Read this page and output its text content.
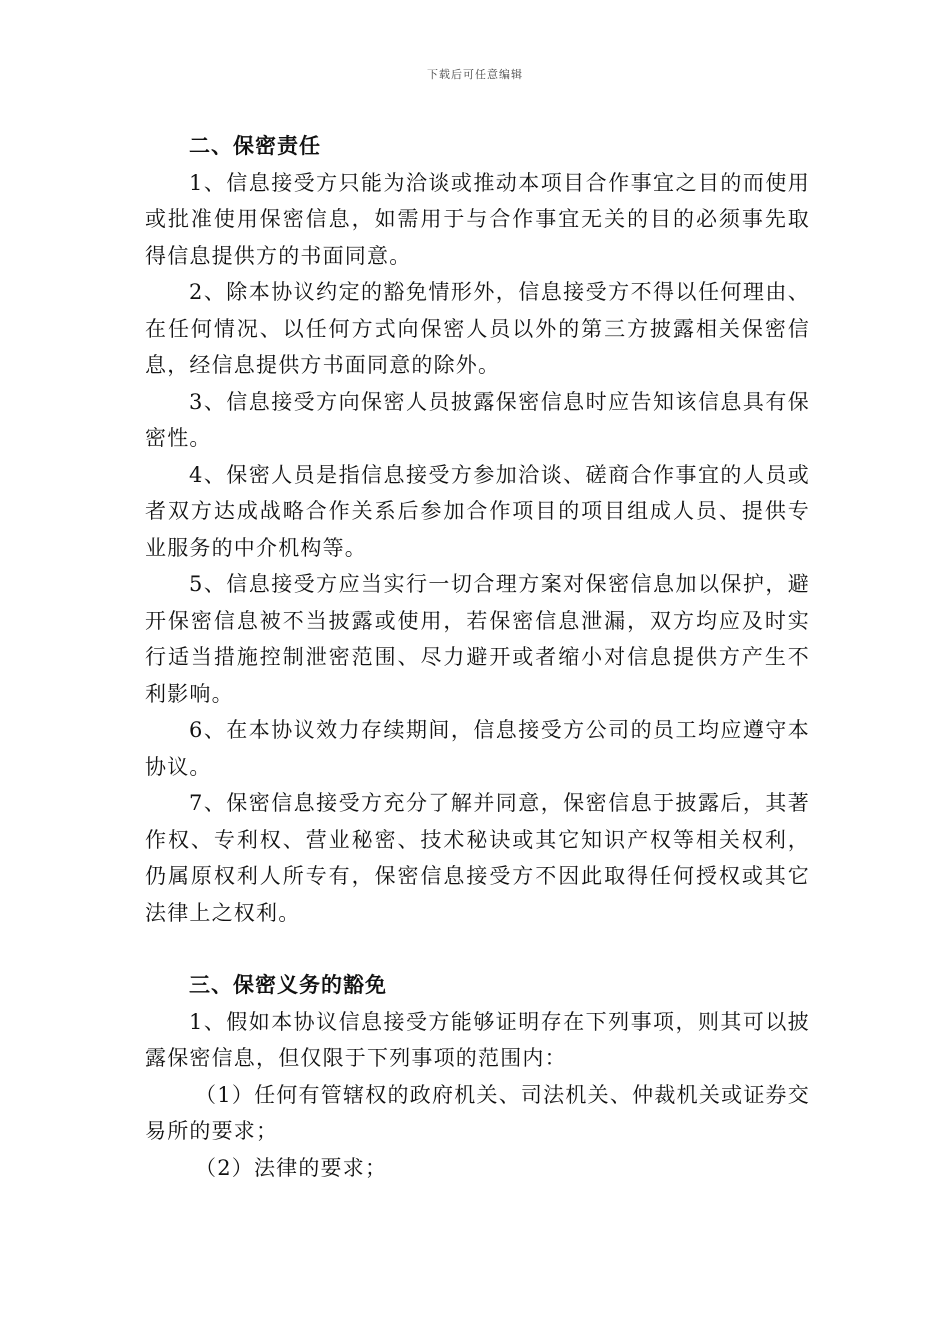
下载后可任意编辑

二、保密责任

1、信息接受方只能为洽谈或推动本项目合作事宜之目的而使用或批准使用保密信息，如需用于与合作事宜无关的目的必须事先取得信息提供方的书面同意。

2、除本协议约定的豁免情形外，信息接受方不得以任何理由、在任何情况、以任何方式向保密人员以外的第三方披露相关保密信息，经信息提供方书面同意的除外。

3、信息接受方向保密人员披露保密信息时应告知该信息具有保密性。

4、保密人员是指信息接受方参加洽谈、磋商合作事宜的人员或者双方达成战略合作关系后参加合作项目的项目组成人员、提供专业服务的中介机构等。

5、信息接受方应当实行一切合理方案对保密信息加以保护，避开保密信息被不当披露或使用，若保密信息泄漏，双方均应及时实行适当措施控制泄密范围、尽力避开或者缩小对信息提供方产生不利影响。

6、在本协议效力存续期间，信息接受方公司的员工均应遵守本协议。

7、保密信息接受方充分了解并同意，保密信息于披露后，其著作权、专利权、营业秘密、技术秘诀或其它知识产权等相关权利，仍属原权利人所专有，保密信息接受方不因此取得任何授权或其它法律上之权利。

三、保密义务的豁免

1、假如本协议信息接受方能够证明存在下列事项，则其可以披露保密信息，但仅限于下列事项的范围内：

（1）任何有管辖权的政府机关、司法机关、仲裁机关或证券交易所的要求；

（2）法律的要求；
